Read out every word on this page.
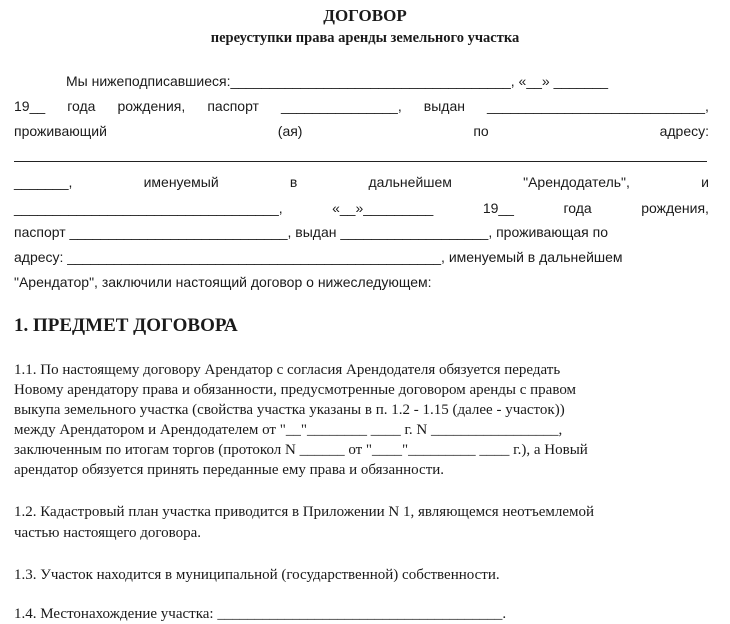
ДОГОВОР
переуступки права аренды земельного участка
Мы нижеподписавшиеся:____________________________________, «__» _______
19__ года рождения, паспорт _______________, выдан ____________________________,
проживающий	(ая)	по	адресу:
_______,	именуемый	в	дальнейшем	"Арендодатель",	и
__________________________________,	«__»_________	19__	года	рождения,
паспорт ____________________________, выдан ___________________, проживающая по
адресу: ________________________________________________, именуемый в дальнейшем
"Арендатор", заключили настоящий договор о нижеследующем:
1. ПРЕДМЕТ ДОГОВОРА
1.1. По настоящему договору Арендатор с согласия Арендодателя обязуется передать
Новому арендатору права и обязанности, предусмотренные договором аренды с правом
выкупа земельного участка (свойства участка указаны в п. 1.2 - 1.15 (далее - участок))
между Арендатором и Арендодателем от "__"________ ____ г. N _________________,
заключенным по итогам торгов (протокол N ______ от "____"_________ ____ г.), а Новый
арендатор обязуется принять переданные ему права и обязанности.
1.2. Кадастровый план участка приводится в Приложении N 1, являющемся неотъемлемой
частью настоящего договора.
1.3. Участок находится в муниципальной (государственной) собственности.
1.4. Местонахождение участка: ______________________________________.
